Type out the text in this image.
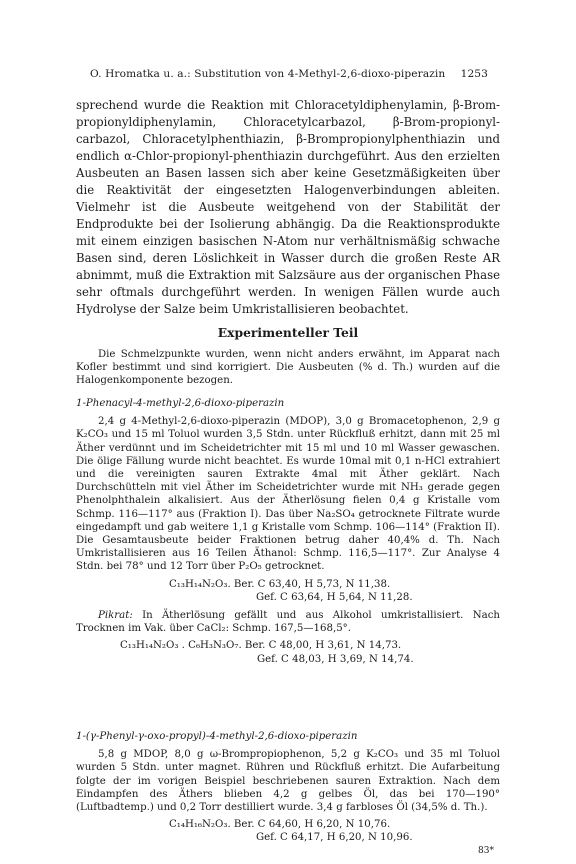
O. Hromatka u. a.: Substitution von 4-Methyl-2,6-dioxo-piperazin 1253

sprechend wurde die Reaktion mit Chloracetyldiphenylamin, β-Brom-propionyldiphenylamin, Chloracetylcarbazol, β-Brom-propionyl-carbazol, Chloracetylphenthiazin, β-Brompropionylphenthiazin und endlich α-Chlor-propionyl-phenthiazin durchgeführt. Aus den erzielten Ausbeuten an Basen lassen sich aber keine Gesetzmäßigkeiten über die Reaktivität der eingesetzten Halogenverbindungen ableiten. Vielmehr ist die Ausbeute weitgehend von der Stabilität der Endprodukte bei der Isolierung abhängig. Da die Reaktionsprodukte mit einem einzigen basischen N-Atom nur verhältnismäßig schwache Basen sind, deren Löslichkeit in Wasser durch die großen Reste AR abnimmt, muß die Extraktion mit Salzsäure aus der organischen Phase sehr oftmals durchgeführt werden. In wenigen Fällen wurde auch Hydrolyse der Salze beim Umkristallisieren beobachtet.

Experimenteller Teil

Die Schmelzpunkte wurden, wenn nicht anders erwähnt, im Apparat nach Kofler bestimmt und sind korrigiert. Die Ausbeuten (% d. Th.) wurden auf die Halogenkomponente bezogen.

1-Phenacyl-4-methyl-2,6-dioxo-piperazin

2,4 g 4-Methyl-2,6-dioxo-piperazin (MDOP), 3,0 g Bromacetophenon, 2,9 g K₂CO₃ und 15 ml Toluol wurden 3,5 Stdn. unter Rückfluß erhitzt, dann mit 25 ml Äther verdünnt und im Scheidetrichter mit 15 ml und 10 ml Wasser gewaschen. Die ölige Fällung wurde nicht beachtet. Es wurde 10mal mit 0,1 n-HCl extrahiert und die vereinigten sauren Extrakte 4mal mit Äther geklärt. Nach Durchschütteln mit viel Äther im Scheidetrichter wurde mit NH₃ gerade gegen Phenolphthalein alkalisiert. Aus der Ätherlösung fielen 0,4 g Kristalle vom Schmp. 116—117° aus (Fraktion I). Das über Na₂SO₄ getrocknete Filtrate wurde eingedampft und gab weitere 1,1 g Kristalle vom Schmp. 106—114° (Fraktion II). Die Gesamtausbeute beider Fraktionen betrug daher 40,4% d. Th. Nach Umkristallisieren aus 16 Teilen Äthanol: Schmp. 116,5—117°. Zur Analyse 4 Stdn. bei 78° und 12 Torr über P₂O₅ getrocknet.

C₁₃H₁₄N₂O₃. Ber. C 63,40, H 5,73, N 11,38.

Gef. C 63,64, H 5,64, N 11,28.

Pikrat: In Ätherlösung gefällt und aus Alkohol umkristallisiert. Nach Trocknen im Vak. über CaCl₂: Schmp. 167,5—168,5°.

C₁₃H₁₄N₂O₃ . C₆H₃N₃O₇. Ber. C 48,00, H 3,61, N 14,73.

Gef. C 48,03, H 3,69, N 14,74.

1-(γ-Phenyl-γ-oxo-propyl)-4-methyl-2,6-dioxo-piperazin

5,8 g MDOP, 8,0 g ω-Brompropiophenon, 5,2 g K₂CO₃ und 35 ml Toluol wurden 5 Stdn. unter magnet. Rühren und Rückfluß erhitzt. Die Aufarbeitung folgte der im vorigen Beispiel beschriebenen sauren Extraktion. Nach dem Eindampfen des Äthers blieben 4,2 g gelbes Öl, das bei 170—190° (Luftbadtemp.) und 0,2 Torr destilliert wurde. 3,4 g farbloses Öl (34,5% d. Th.).

C₁₄H₁₆N₂O₃. Ber. C 64,60, H 6,20, N 10,76.

Gef. C 64,17, H 6,20, N 10,96.

83*
